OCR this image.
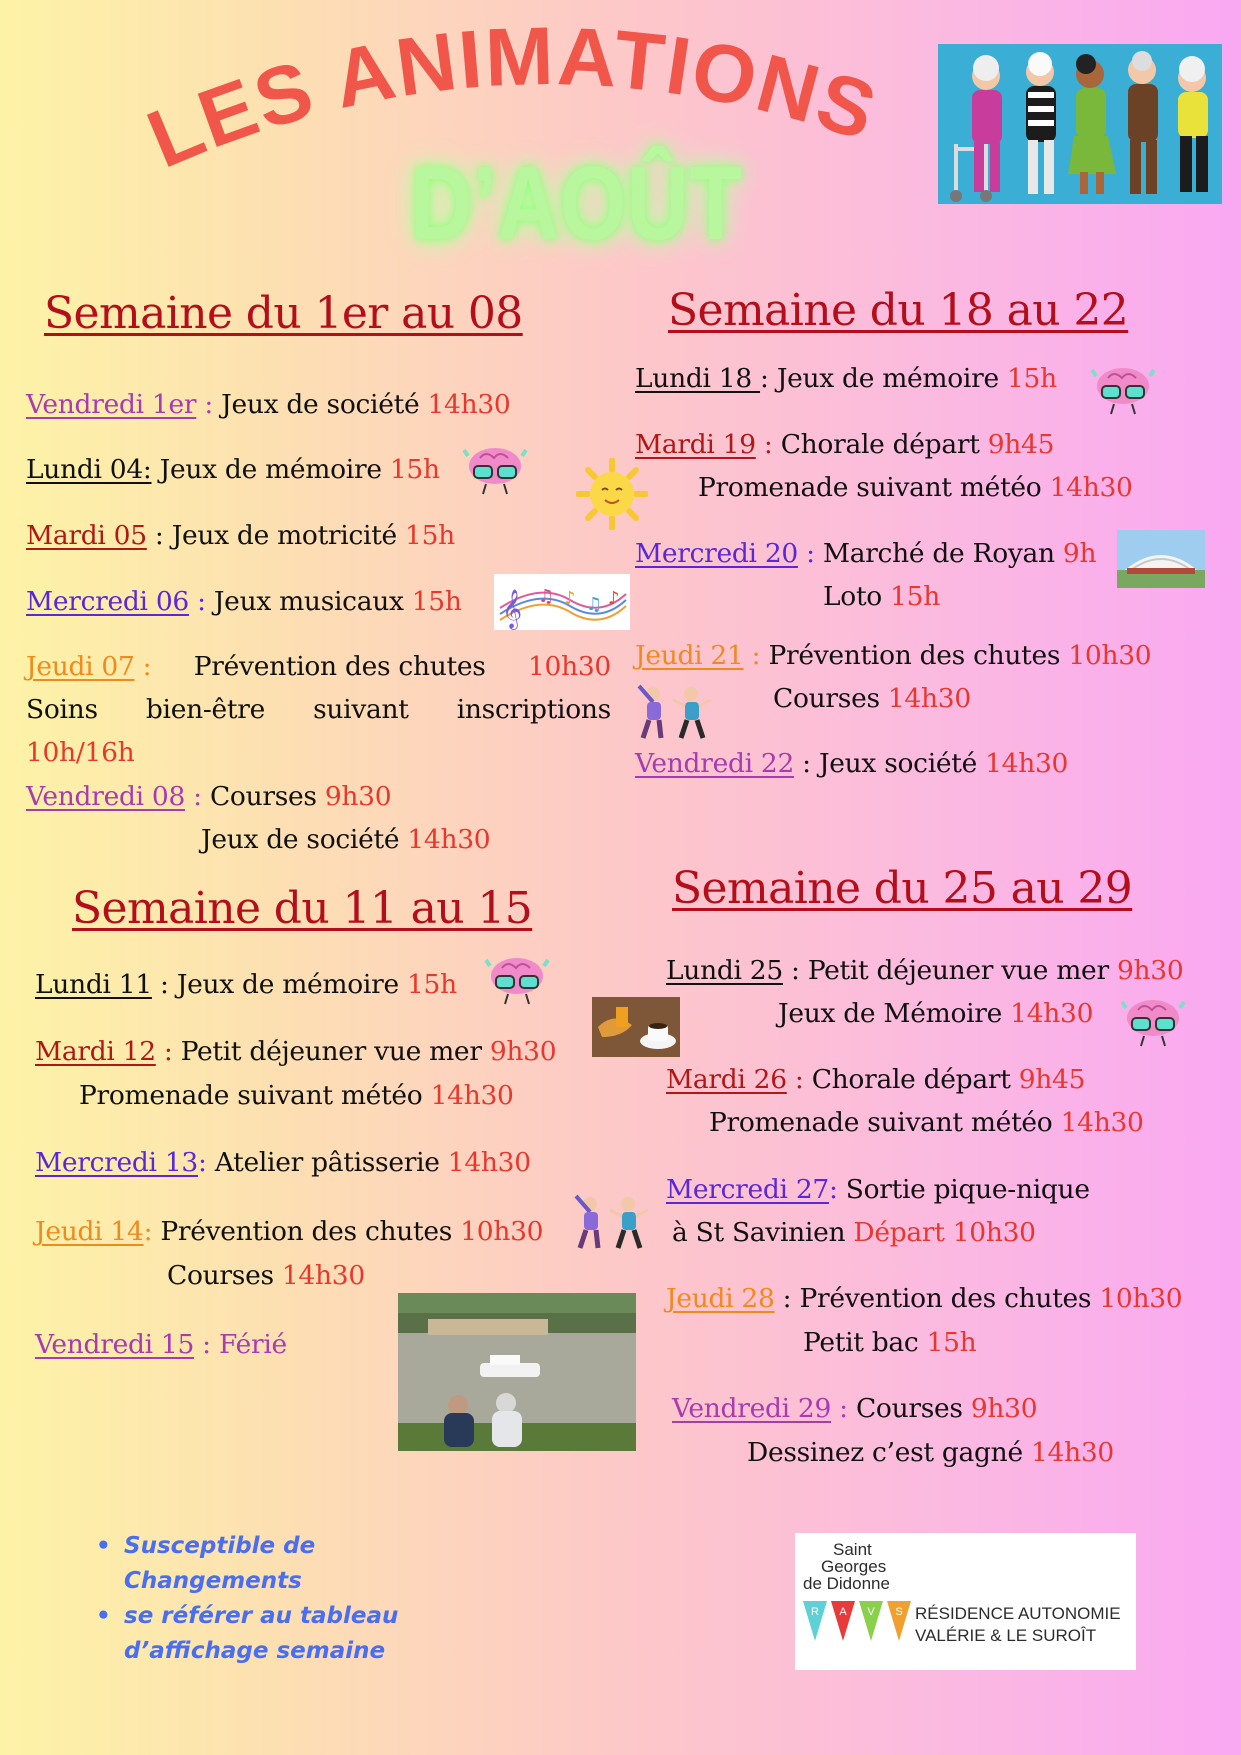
LES ANIMATIONS
D’AOÛT
Semaine du 1er au 08
Vendredi 1er : Jeux de société 14h30
Lundi 04: Jeux de mémoire 15h
Mardi 05 : Jeux de motricité 15h
Mercredi 06 : Jeux musicaux 15h
Jeudi 07 : Prévention des chutes 10h30
Soins bien-être suivant inscriptions
10h/16h
Vendredi 08 : Courses 9h30
Jeux de société 14h30
Semaine du 11 au 15
Lundi 11 : Jeux de mémoire 15h
Mardi 12 : Petit déjeuner vue mer 9h30
Promenade suivant météo 14h30
Mercredi 13: Atelier pâtisserie 14h30
Jeudi 14: Prévention des chutes 10h30
Courses 14h30
Vendredi 15 : Férié
Semaine du 18 au 22
Lundi 18 : Jeux de mémoire 15h
Mardi 19 : Chorale départ 9h45
Promenade suivant météo 14h30
Mercredi 20 : Marché de Royan 9h
Loto 15h
Jeudi 21 : Prévention des chutes 10h30
Courses 14h30
Vendredi 22 : Jeux société 14h30
Semaine du 25 au 29
Lundi 25 : Petit déjeuner vue mer 9h30
Jeux de Mémoire 14h30
Mardi 26 : Chorale départ 9h45
Promenade suivant météo 14h30
Mercredi 27: Sortie pique-nique
à St Savinien Départ 10h30
Jeudi 28 : Prévention des chutes 10h30
Petit bac 15h
Vendredi 29 : Courses 9h30
Dessinez c’est gagné 14h30
𝄞 ♫ ♪ ♫ ♪
• Susceptible de Changements
• se référer au tableau d’affichage semaine
Saint
Georges
de Didonne
R A V S RÉSIDENCE AUTONOMIE
VALÉRIE & LE SUROÎT
